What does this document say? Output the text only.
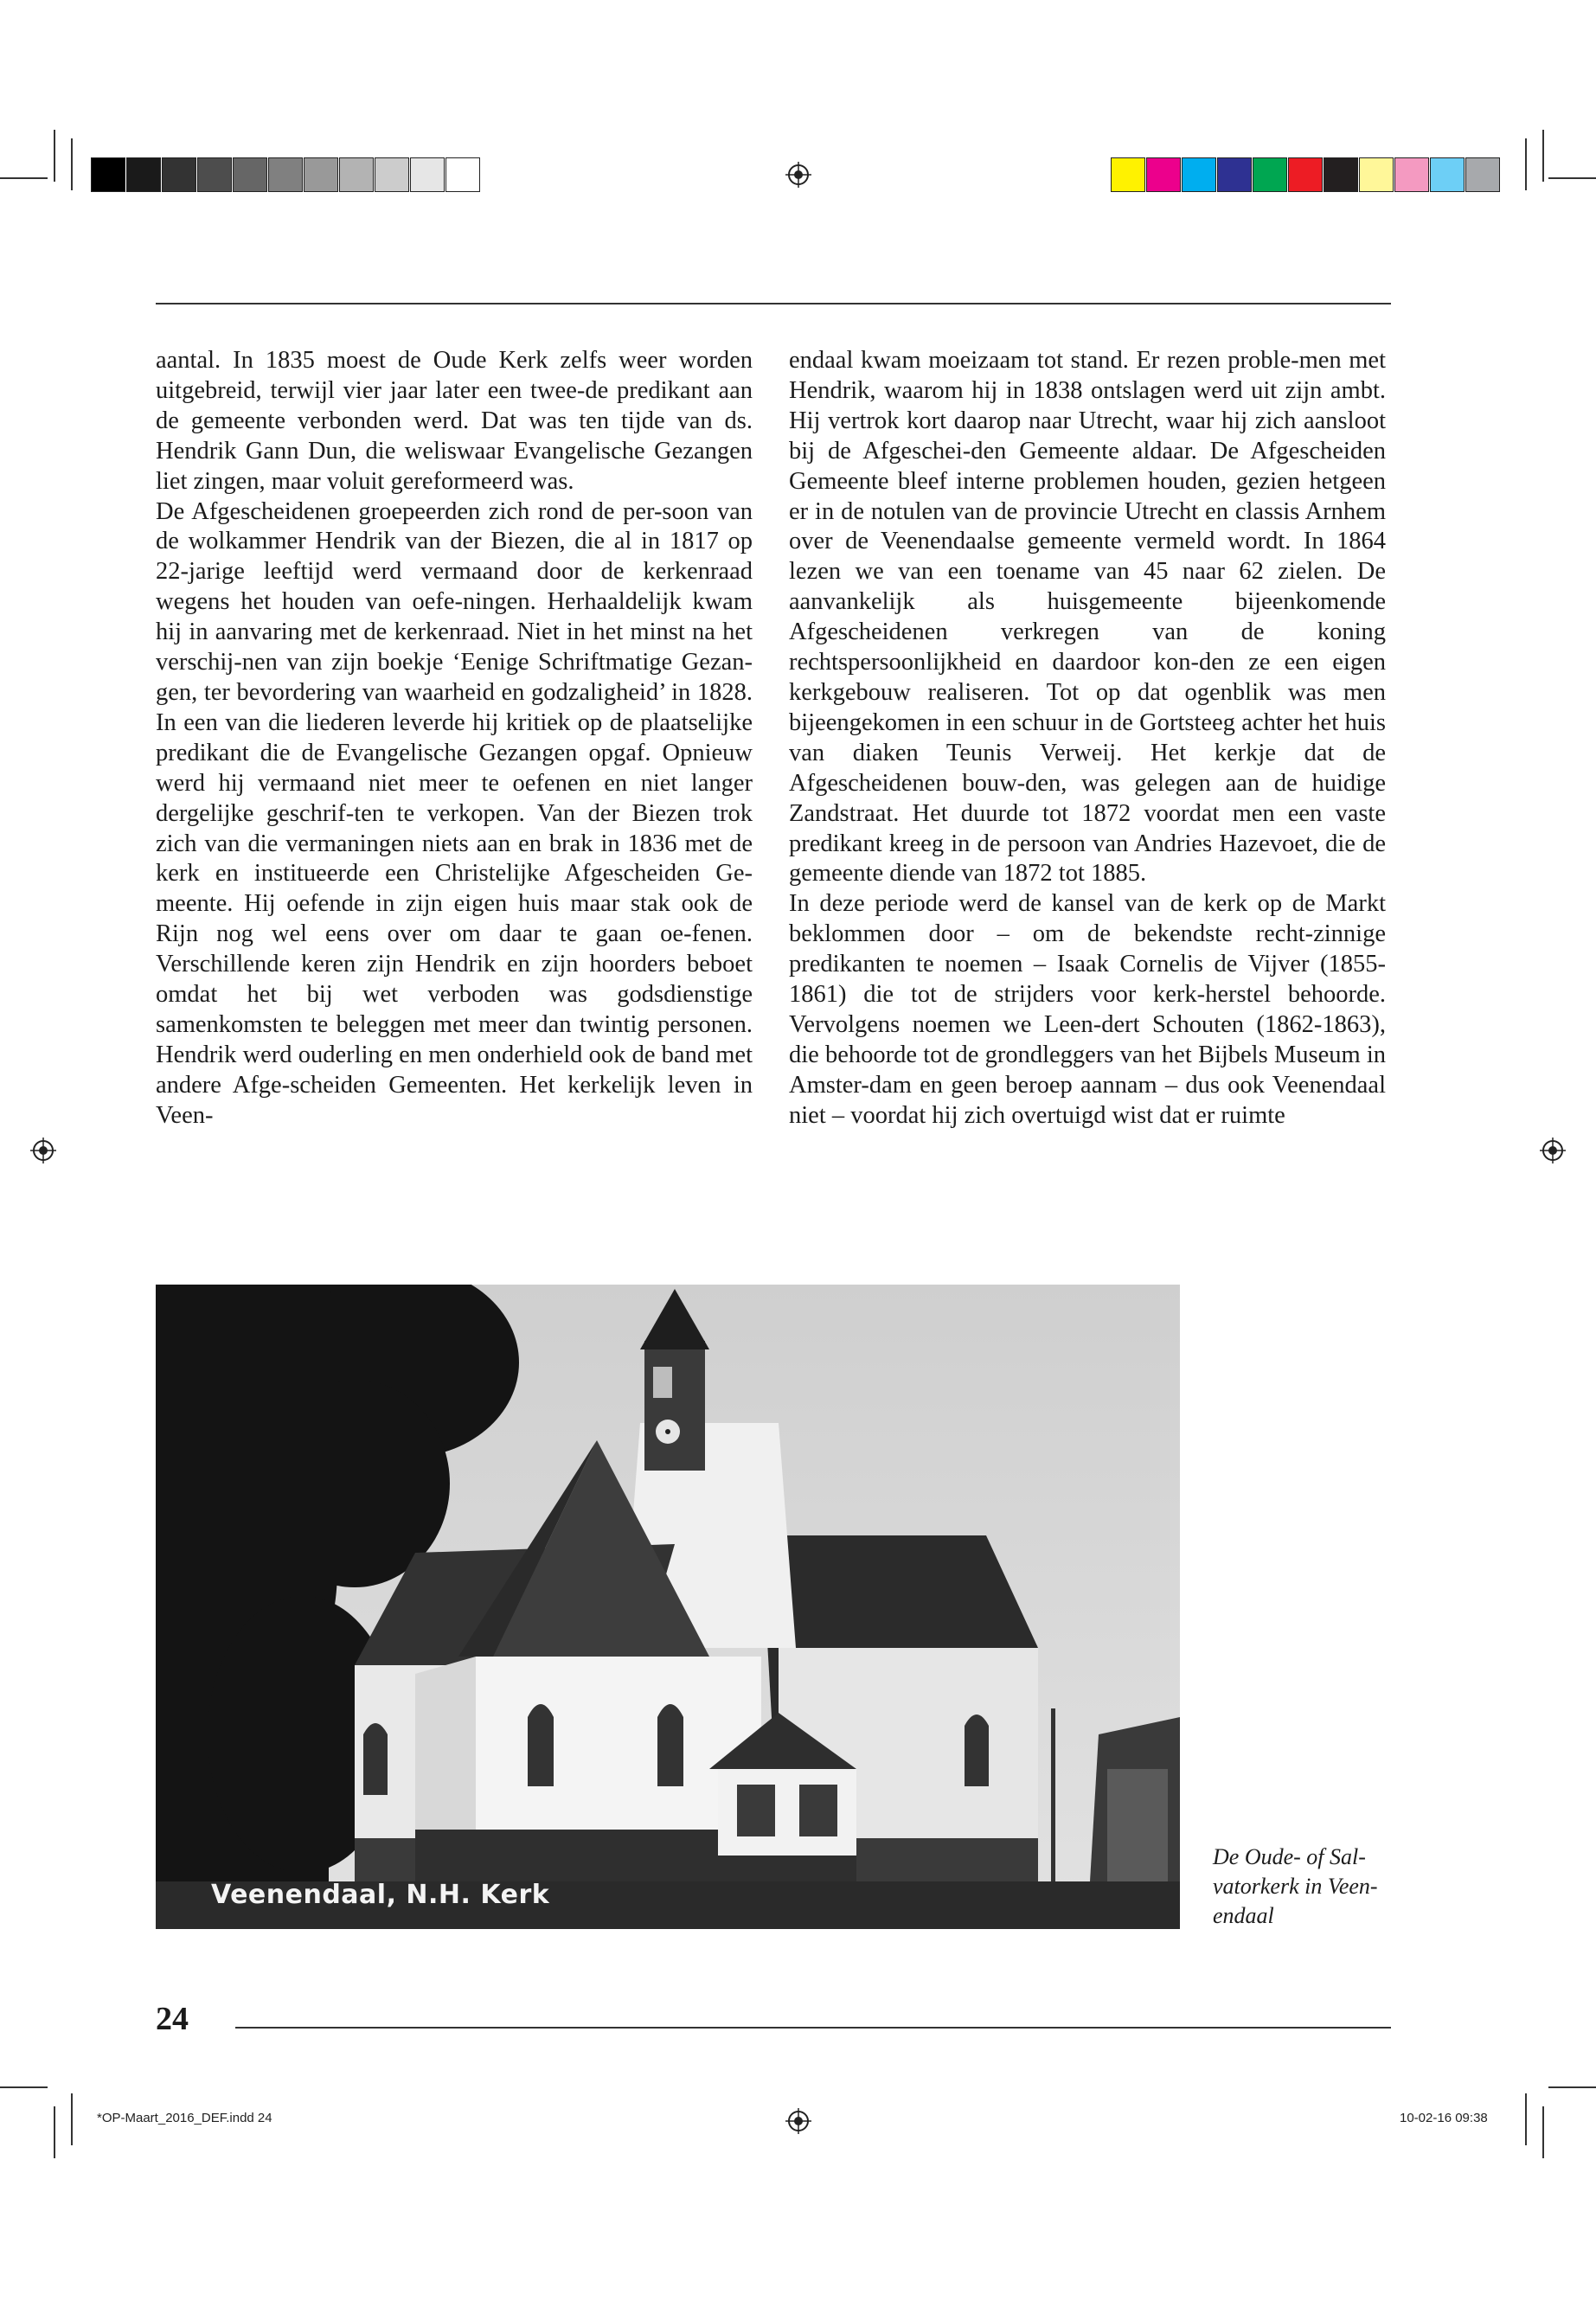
aantal. In 1835 moest de Oude Kerk zelfs weer worden uitgebreid, terwijl vier jaar later een twee-de predikant aan de gemeente verbonden werd. Dat was ten tijde van ds. Hendrik Gann Dun, die weliswaar Evangelische Gezangen liet zingen, maar voluit gereformeerd was.

De Afgescheidenen groepeerden zich rond de per-soon van de wolkammer Hendrik van der Biezen, die al in 1817 op 22-jarige leeftijd werd vermaand door de kerkenraad wegens het houden van oefe-ningen. Herhaaldelijk kwam hij in aanvaring met de kerkenraad. Niet in het minst na het verschij-nen van zijn boekje ‘Eenige Schriftmatige Gezan-gen, ter bevordering van waarheid en godzaligheid’ in 1828. In een van die liederen leverde hij kritiek op de plaatselijke predikant die de Evangelische Gezangen opgaf. Opnieuw werd hij vermaand niet meer te oefenen en niet langer dergelijke geschrif-ten te verkopen. Van der Biezen trok zich van die vermaningen niets aan en brak in 1836 met de kerk en institueerde een Christelijke Afgescheiden Ge-meente. Hij oefende in zijn eigen huis maar stak ook de Rijn nog wel eens over om daar te gaan oe-fenen. Verschillende keren zijn Hendrik en zijn hoorders beboet omdat het bij wet verboden was godsdienstige samenkomsten te beleggen met meer dan twintig personen. Hendrik werd ouderling en men onderhield ook de band met andere Afge-scheiden Gemeenten. Het kerkelijk leven in Veen-

endaal kwam moeizaam tot stand. Er rezen proble-men met Hendrik, waarom hij in 1838 ontslagen werd uit zijn ambt. Hij vertrok kort daarop naar Utrecht, waar hij zich aansloot bij de Afgeschei-den Gemeente aldaar. De Afgescheiden Gemeente bleef interne problemen houden, gezien hetgeen er in de notulen van de provincie Utrecht en classis Arnhem over de Veenendaalse gemeente vermeld wordt. In 1864 lezen we van een toename van 45 naar 62 zielen. De aanvankelijk als huisgemeente bijeenkomende Afgescheidenen verkregen van de koning rechtspersoonlijkheid en daardoor kon-den ze een eigen kerkgebouw realiseren. Tot op dat ogenblik was men bijeengekomen in een schuur in de Gortsteeg achter het huis van diaken Teunis Verweij. Het kerkje dat de Afgescheidenen bouw-den, was gelegen aan de huidige Zandstraat. Het duurde tot 1872 voordat men een vaste predikant kreeg in de persoon van Andries Hazevoet, die de gemeente diende van 1872 tot 1885.

In deze periode werd de kansel van de kerk op de Markt beklommen door – om de bekendste recht-zinnige predikanten te noemen – Isaak Cornelis de Vijver (1855-1861) die tot de strijders voor kerk-herstel behoorde. Vervolgens noemen we Leen-dert Schouten (1862-1863), die behoorde tot de grondleggers van het Bijbels Museum in Amster-dam en geen beroep aannam – dus ook Veenendaal niet – voordat hij zich overtuigd wist dat er ruimte

Veenendaal, N.H. Kerk
De Oude- of Sal-vatorkerk in Veen-endaal
24
*OP-Maart_2016_DEF.indd 24	10-02-16 09:38
